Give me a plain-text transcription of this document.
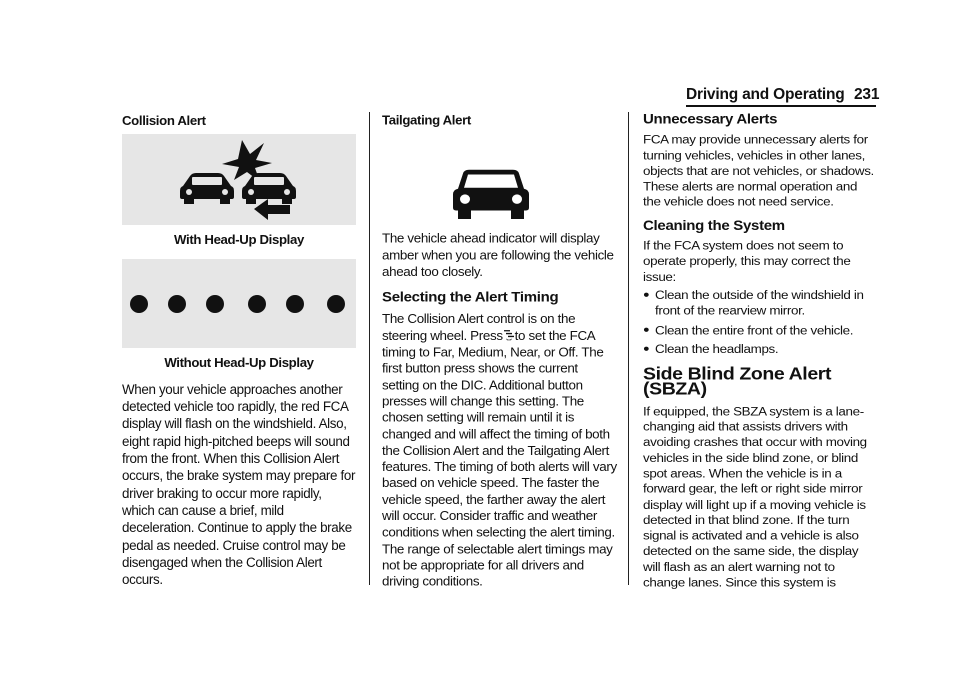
Driving and Operating 231

Collision Alert

With Head-Up Display
Without Head-Up Display

When your vehicle approaches another detected vehicle too rapidly, the red FCA display will flash on the windshield. Also, eight rapid high-pitched beeps will sound from the front. When this Collision Alert occurs, the brake system may prepare for driver braking to occur more rapidly, which can cause a brief, mild deceleration. Continue to apply the brake pedal as needed. Cruise control may be disengaged when the Collision Alert occurs.

Tailgating Alert

The vehicle ahead indicator will display amber when you are following the vehicle ahead too closely.

Selecting the Alert Timing

The Collision Alert control is on the steering wheel. Press to set the FCA timing to Far, Medium, Near, or Off. The first button press shows the current setting on the DIC. Additional button presses will change this setting. The chosen setting will remain until it is changed and will affect the timing of both the Collision Alert and the Tailgating Alert features. The timing of both alerts will vary based on vehicle speed. The faster the vehicle speed, the farther away the alert will occur. Consider traffic and weather conditions when selecting the alert timing. The range of selectable alert timings may not be appropriate for all drivers and driving conditions.

Unnecessary Alerts

FCA may provide unnecessary alerts for turning vehicles, vehicles in other lanes, objects that are not vehicles, or shadows. These alerts are normal operation and the vehicle does not need service.

Cleaning the System

If the FCA system does not seem to operate properly, this may correct the issue:

● Clean the outside of the windshield in front of the rearview mirror.
● Clean the entire front of the vehicle.
● Clean the headlamps.
Side Blind Zone Alert (SBZA)

If equipped, the SBZA system is a lane-changing aid that assists drivers with avoiding crashes that occur with moving vehicles in the side blind zone, or blind spot areas. When the vehicle is in a forward gear, the left or right side mirror display will light up if a moving vehicle is detected in that blind zone. If the turn signal is activated and a vehicle is also detected on the same side, the display will flash as an alert warning not to change lanes. Since this system is
